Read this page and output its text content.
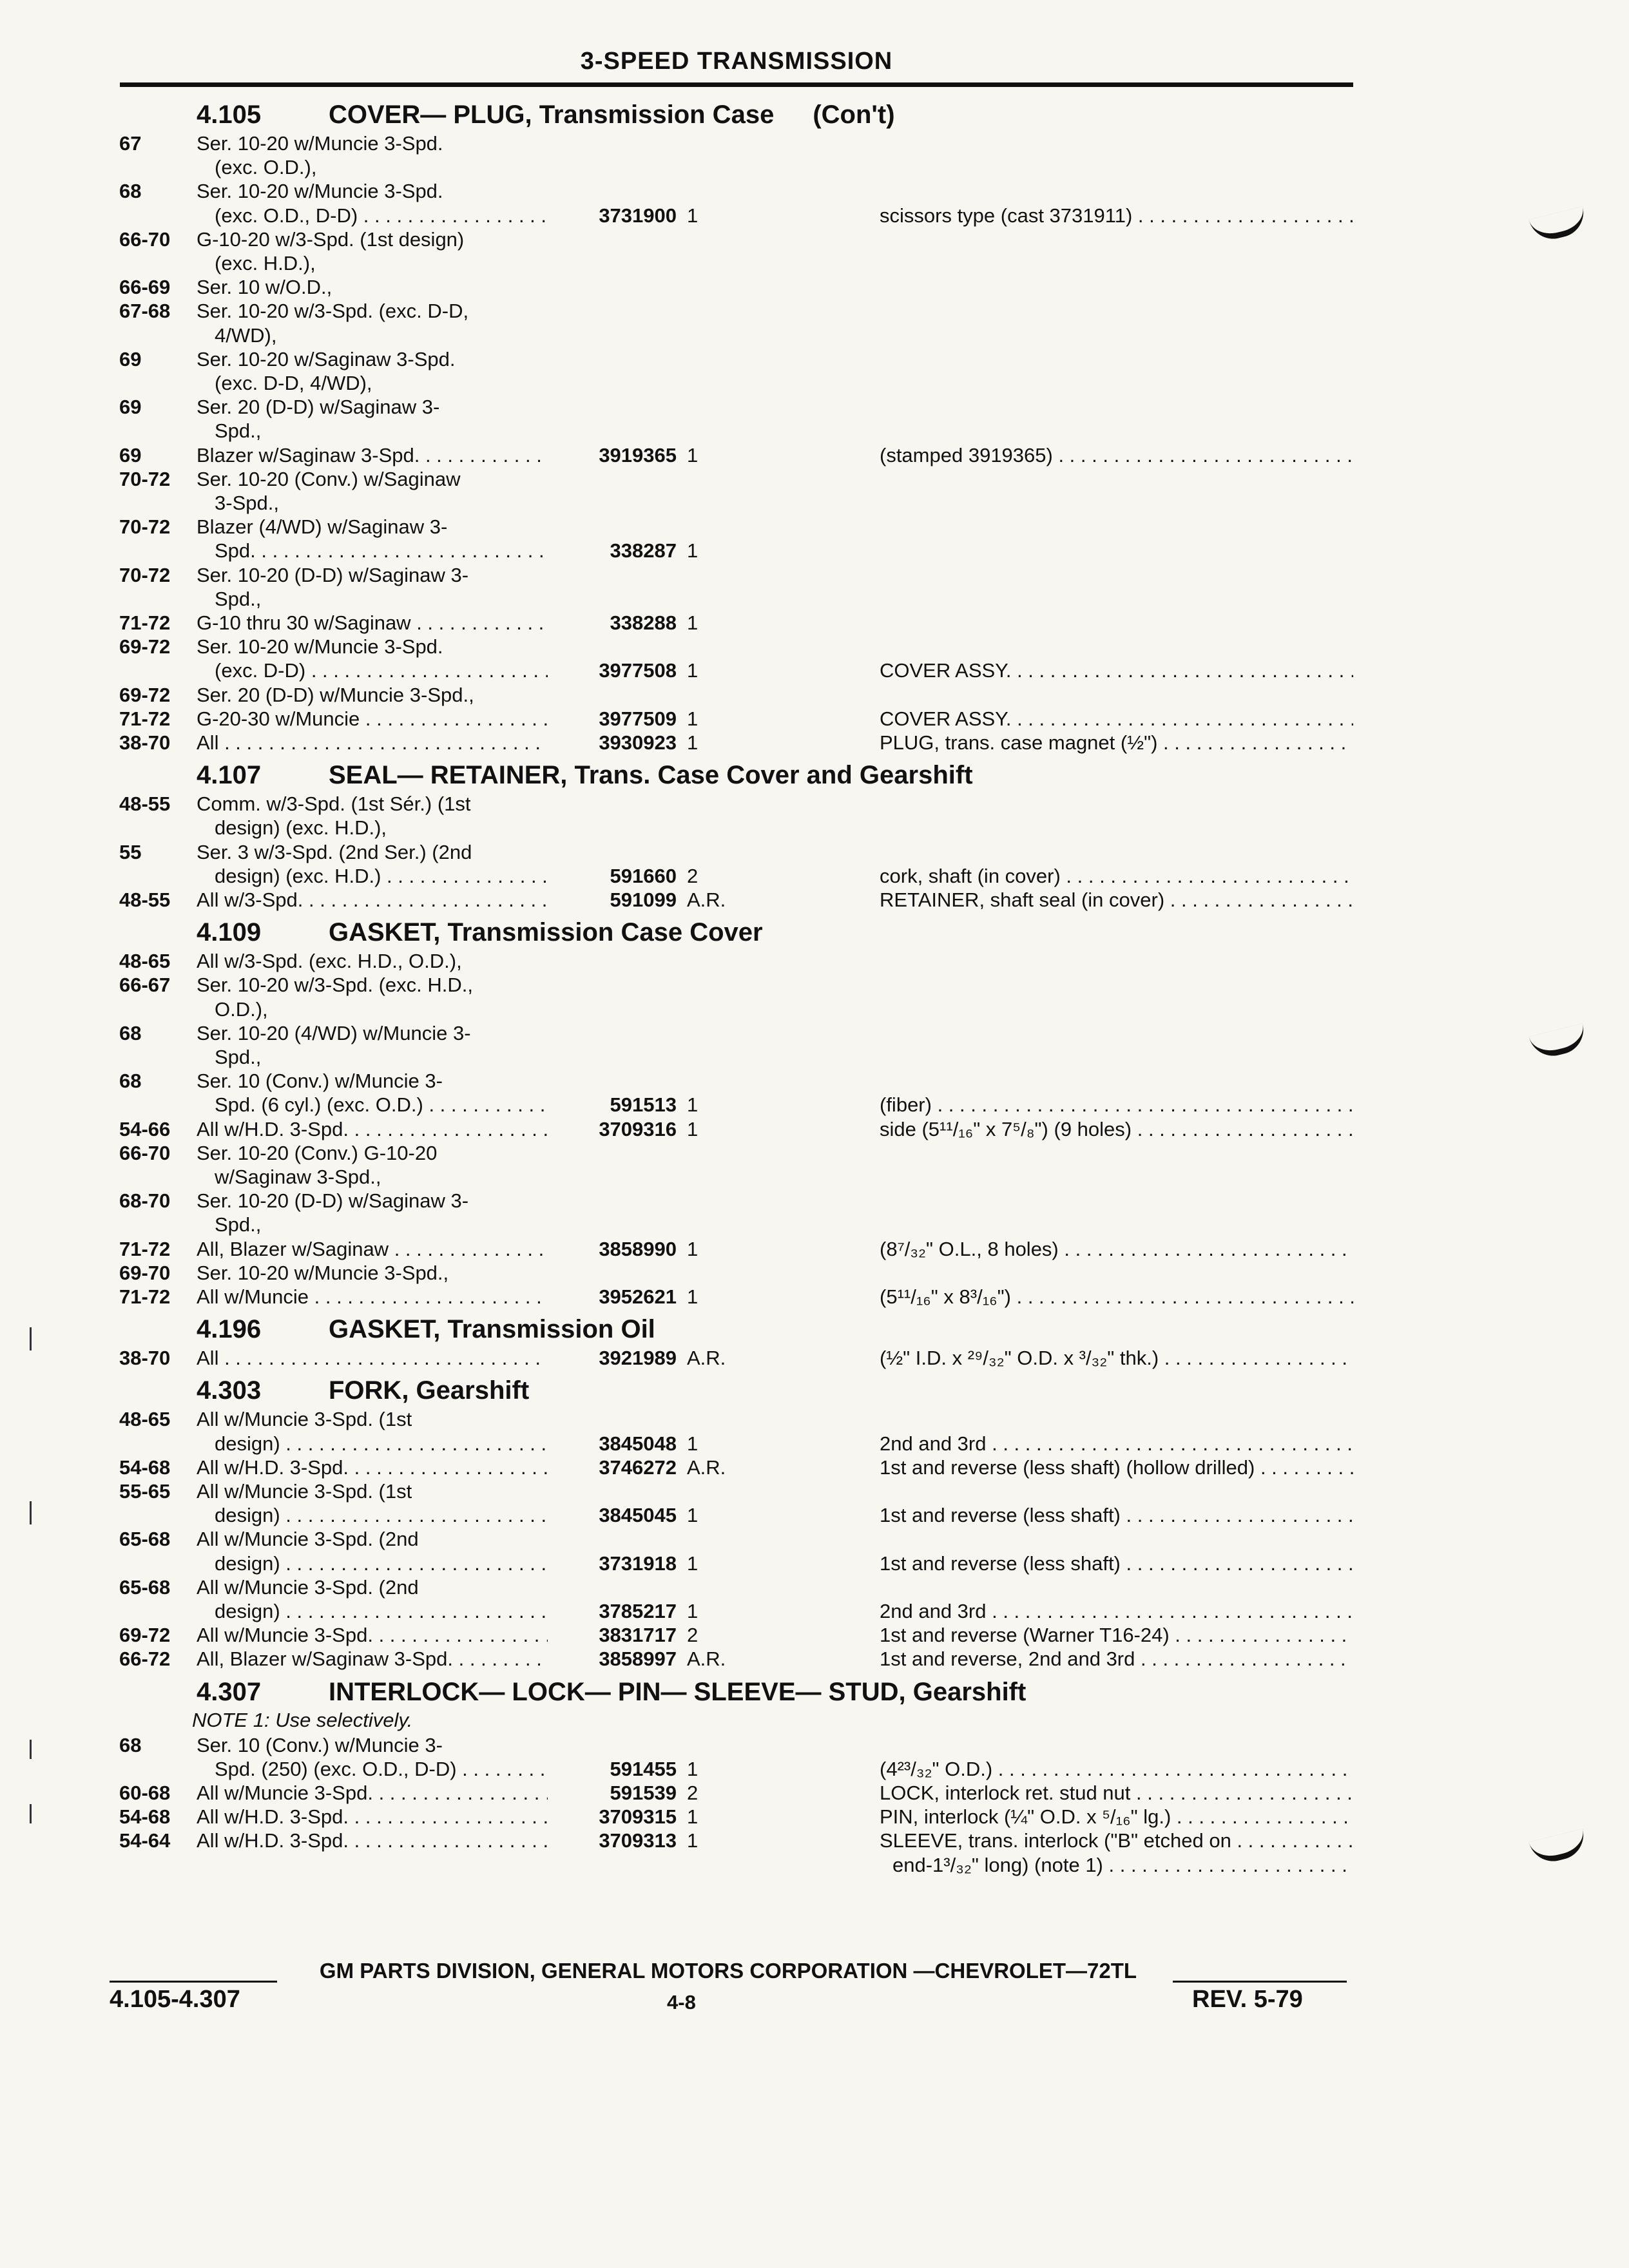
3-SPEED TRANSMISSION
4.105	COVER— PLUG, Transmission Case (Con't)
67	Ser. 10-20 w/Muncie 3-Spd.
(exc. O.D.),
68	Ser. 10-20 w/Muncie 3-Spd.
(exc. O.D., D-D) . . .	3731900 1	scissors type (cast 3731911) . . .
66-70 G-10-20 w/3-Spd. (1st design)
(exc. H.D.),
66-69 Ser. 10 w/O.D.,
67-68 Ser. 10-20 w/3-Spd. (exc. D-D,
4/WD),
69	Ser. 10-20 w/Saginaw 3-Spd.
(exc. D-D, 4/WD),
69	Ser. 20 (D-D) w/Saginaw 3-
Spd.,
69	Blazer w/Saginaw 3-Spd. . . .	3919365 1	(stamped 3919365) . . .
70-72 Ser. 10-20 (Conv.) w/Saginaw
3-Spd.,
70-72 Blazer (4/WD) w/Saginaw 3-
Spd. . . .	338287 1
70-72 Ser. 10-20 (D-D) w/Saginaw 3-
Spd.,
71-72 G-10 thru 30 w/Saginaw . . .	338288 1
69-72 Ser. 10-20 w/Muncie 3-Spd.
(exc. D-D) . . .	3977508 1	COVER ASSY. . . .
69-72 Ser. 20 (D-D) w/Muncie 3-Spd.,
71-72 G-20-30 w/Muncie . . .	3977509 1	COVER ASSY. . . .
38-70 All . . .	3930923 1	PLUG, trans. case magnet (½") . . .
4.107	SEAL— RETAINER, Trans. Case Cover and Gearshift
48-55 Comm. w/3-Spd. (1st Sér.) (1st
design) (exc. H.D.),
55	Ser. 3 w/3-Spd. (2nd Ser.) (2nd
design) (exc. H.D.) . . .	591660 2	cork, shaft (in cover) . . .
48-55 All w/3-Spd. . . .	591099 A.R.	RETAINER, shaft seal (in cover) . . .
4.109	GASKET, Transmission Case Cover
48-65 All w/3-Spd. (exc. H.D., O.D.),
66-67 Ser. 10-20 w/3-Spd. (exc. H.D.,
O.D.),
68	Ser. 10-20 (4/WD) w/Muncie 3-
Spd.,
68	Ser. 10 (Conv.) w/Muncie 3-
Spd. (6 cyl.) (exc. O.D.) . . .	591513 1	(fiber) . . .
54-66 All w/H.D. 3-Spd. . . .	3709316 1	side (5¹¹/₁₆" x 7⁵/₈") (9 holes) . . .
66-70 Ser. 10-20 (Conv.) G-10-20
w/Saginaw 3-Spd.,
68-70 Ser. 10-20 (D-D) w/Saginaw 3-
Spd.,
71-72 All, Blazer w/Saginaw . . .	3858990 1	(8⁷/₃₂" O.L., 8 holes) . . .
69-70 Ser. 10-20 w/Muncie 3-Spd.,
71-72 All w/Muncie . . .	3952621 1	(5¹¹/₁₆" x 8³/₁₆") . . .
4.196	GASKET, Transmission Oil
38-70 All . . .	3921989 A.R.	(½" I.D. x ²⁹/₃₂" O.D. x ³/₃₂" thk.) . . .
4.303	FORK, Gearshift
48-65 All w/Muncie 3-Spd. (1st
design) . . .	3845048 1	2nd and 3rd . . .
54-68 All w/H.D. 3-Spd. . . .	3746272 A.R.	1st and reverse (less shaft) (hollow drilled) . . .
55-65 All w/Muncie 3-Spd. (1st
design) . . .	3845045 1	1st and reverse (less shaft) . . .
65-68 All w/Muncie 3-Spd. (2nd
design) . . .	3731918 1	1st and reverse (less shaft) . . .
65-68 All w/Muncie 3-Spd. (2nd
design) . . .	3785217 1	2nd and 3rd . . .
69-72 All w/Muncie 3-Spd. . . .	3831717 2	1st and reverse (Warner T16-24) . . .
66-72 All, Blazer w/Saginaw 3-Spd. . . .	3858997 A.R.	1st and reverse, 2nd and 3rd . . .
4.307	INTERLOCK— LOCK— PIN— SLEEVE— STUD, Gearshift
NOTE 1: Use selectively.
68	Ser. 10 (Conv.) w/Muncie 3-
Spd. (250) (exc. O.D., D-D) . . .	591455 1	(4²³/₃₂" O.D.) . . .
60-68 All w/Muncie 3-Spd. . . .	591539 2	LOCK, interlock ret. stud nut . . .
54-68 All w/H.D. 3-Spd. . . .	3709315 1	PIN, interlock (¼" O.D. x ⁵/₁₆" lg.) . . .
54-64 All w/H.D. 3-Spd. . . .	3709313 1	SLEEVE, trans. interlock ("B" etched on . . .
end-1³/₃₂" long) (note 1) . . .
GM PARTS DIVISION, GENERAL MOTORS CORPORATION —CHEVROLET—72TL
4.105-4.307	4-8	REV. 5-79
